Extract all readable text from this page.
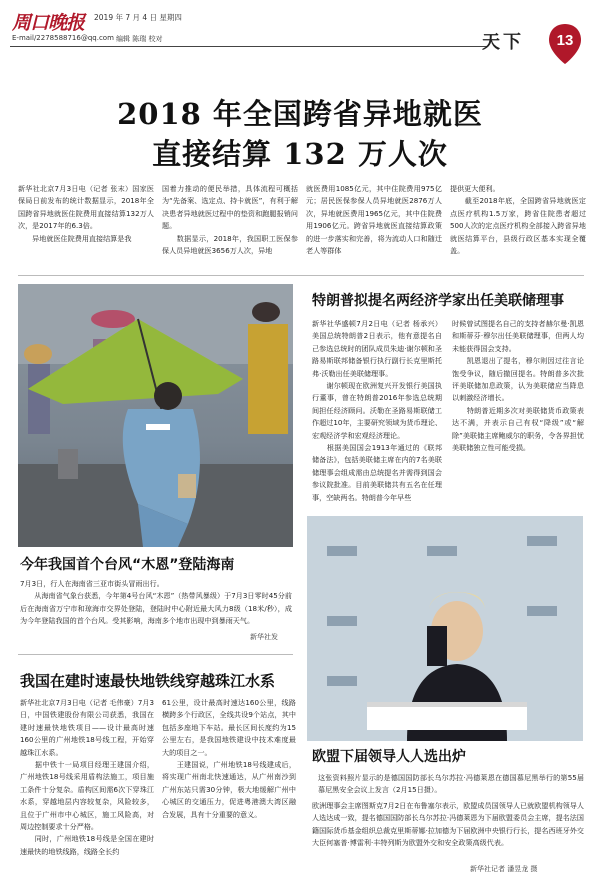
周口晚报 2019 年 7 月 4 日 星期四
E-mail/2278588716@qq.com 编辑 陈瑞 校对	天下 13
2018 年全国跨省异地就医
直接结算 132 万人次
新华社北京7月3日电（记者 张末）国家医保局日前发布的统计数据显示，2018年全国跨省异地就医住院费用直接结算132万人次，是2017年的6.3倍。
　　异地就医住院费用直接结算是我
国着力推动的便民举措，具体流程可概括为“先备案、选定点、持卡就医”，有利于解决患者异地就医过程中的垫资和跑腿报销问题。
　　数据显示，2018年，我国职工医保参保人员异地就医3656万人次，异地
就医费用1085亿元，其中住院费用975亿元；居民医保参保人员异地就医2876万人次，异地就医费用1965亿元，其中住院费用1906亿元。跨省异地就医直接结算政策的进一步落实和完善，将为流动人口和随迁老人等群体
提供更大便利。
　　截至2018年底，全国跨省异地就医定点医疗机构1.5万家，跨省住院患者超过500人次的定点医疗机构全部接入跨省异地就医结算平台，县级行政区基本实现全覆盖。
今年我国首个台风“木恩”登陆海南
7月3日，行人在海南省三亚市街头冒雨出行。
　　从海南省气象台获悉，今年第4号台风“木恩”（热带风暴级）于7月3日零时45分前后在海南省万宁市和琼海市交界处登陆，登陆时中心附近最大风力8级（18米/秒），成为今年登陆我国的首个台风。受其影响，海南多个地市出现中到暴雨天气。
新华社发
我国在建时速最快地铁线穿越珠江水系
新华社北京7月3日电（记者 毛伟豪）7月3日，中国铁建股份有限公司获悉，我国在建时速最快地铁项目——设计最高时速160公里的广州地铁18号线工程，开始穿越珠江水系。
　　据中铁十一局项目经理王建国介绍，广州地铁18号线采用盾构法施工，项目施工条件十分复杂。盾构区间需6次下穿珠江水系，穿越地层内容较复杂，风险较多，且位于广州市中心城区，施工风险高，对周边控制要求十分严格。
　　同时，广州地铁18号线是全国在建时速最快的地铁线路，线路全长约
61公里，设计最高时速达160公里，线路横跨多个行政区，全线共设9个站点，其中包括多座地下车站。最长区间长度约为15公里左右，是我国地铁建设中技术难度最大的项目之一。
　　王建国说，广州地铁18号线建成后，将实现广州南北快速通达，从广州南沙到广州东站只需30分钟，极大地缓解广州中心城区的交通压力，促进粤港澳大湾区融合发展，具有十分重要的意义。
特朗普拟提名两经济学家出任美联储理事
新华社华盛顿7月2日电（记者 杨承兴）美国总统特朗普2日表示，他有意提名自己参选总统时的团队成员朱迪·谢尔顿和圣路易斯联邦储备银行执行副行长克里斯托弗·沃勒出任美联储理事。
　　谢尔顿现在欧洲复兴开发银行美国执行董事，曾在特朗普2016年参选总统期间担任经济顾问。沃勒在圣路易斯联储工作超过10年，主要研究领域为货币理论、宏观经济学和宏观经济理论。
　　根据美国国会1913年通过的《联邦储备法》，包括美联储主席在内的7名美联储理事会组成需由总统提名并需得到国会参议院批准。目前美联储共有五名在任理事，空缺两名。特朗普今年早些
时候曾试图提名自己的支持者赫尔曼·凯恩和斯蒂芬·穆尔出任美联储理事，但两人均未能获得国会支持。
　　凯恩退出了提名，穆尔则因过往言论饱受争议，随后撤回提名。特朗普多次批评美联储加息政策，认为美联储应当降息以刺激经济增长。
　　特朗普近期多次对美联储货币政策表达不满，并表示自己有权“降级”或“解除”美联储主席鲍威尔的职务，令各界担忧美联储独立性可能受损。
欧盟下届领导人人选出炉
这张资料照片显示的是德国国防部长乌尔苏拉·冯德莱恩在德国慕尼黑举行的第55届慕尼黑安全会议上发言（2月15日摄）。
欧洲理事会主席图斯克7月2日在布鲁塞尔表示，欧盟成员国领导人已就欧盟机构领导人人选达成一致，提名德国国防部长乌尔苏拉·冯德莱恩为下届欧盟委员会主席，提名法国籍国际货币基金组织总裁克里斯蒂娜·拉加德为下届欧洲中央银行行长，提名西班牙外交大臣何塞普·博雷利·丰特列斯为欧盟外交和安全政策高级代表。
新华社记者 潘昱龙 摄
